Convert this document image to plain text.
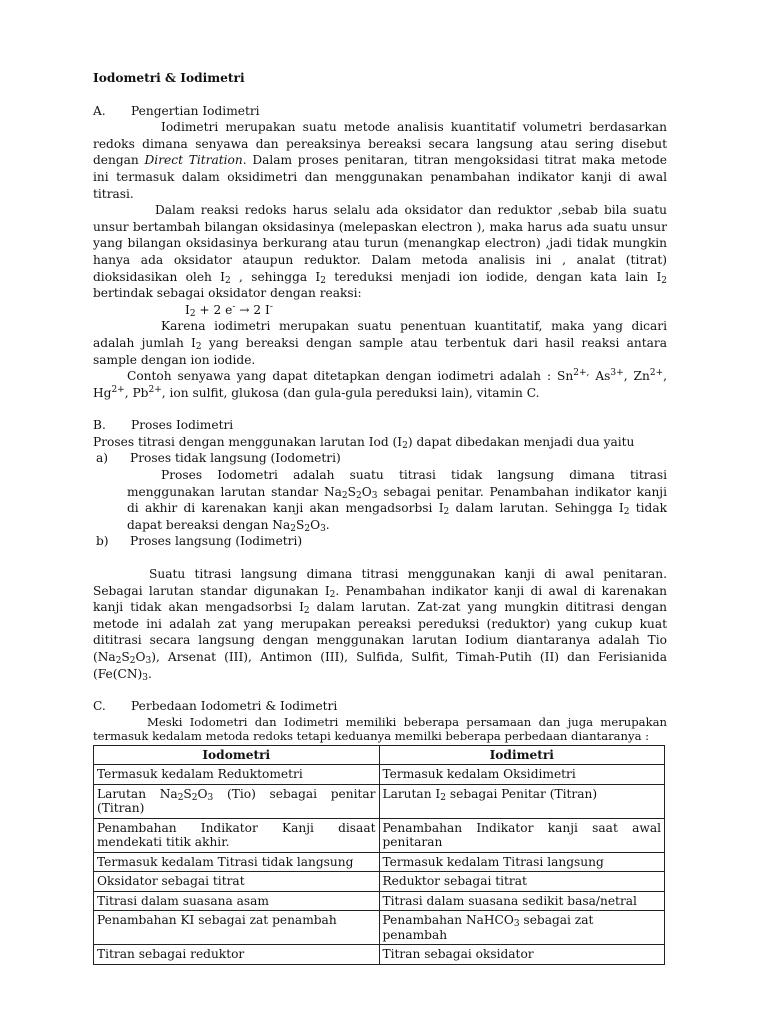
Iodometri & Iodimetri

A. Pengertian Iodimetri

Iodimetri merupakan suatu metode analisis kuantitatif volumetri berdasarkan redoks dimana senyawa dan pereaksinya bereaksi secara langsung atau sering disebut dengan Direct Titration. Dalam proses penitaran, titran mengoksidasi titrat maka metode ini termasuk dalam oksidimetri dan menggunakan penambahan indikator kanji di awal titrasi.

Dalam reaksi redoks harus selalu ada oksidator dan reduktor ,sebab bila suatu unsur bertambah bilangan oksidasinya (melepaskan electron ), maka harus ada suatu unsur yang bilangan oksidasinya berkurang atau turun (menangkap electron) ,jadi tidak mungkin hanya ada oksidator ataupun reduktor. Dalam metoda analisis ini , analat (titrat) dioksidasikan oleh $I_2$ , sehingga $I_2$ tereduksi menjadi ion iodide, dengan kata lain $I_2$ bertindak sebagai oksidator dengan reaksi:

$I_2 + 2$ e- → 2 I-

Karena iodimetri merupakan suatu penentuan kuantitatif, maka yang dicari adalah jumlah $I_2$ yang bereaksi dengan sample atau terbentuk dari hasil reaksi antara sample dengan ion iodide.

Contoh senyawa yang dapat ditetapkan dengan iodimetri adalah : $Sn^{2+,}$ $As^{3+}$, $Zn^{2+}$, $Hg^{2+}$, $Pb^{2+}$, ion sulfit, glukosa (dan gula-gula pereduksi lain), vitamin C.

B. Proses Iodimetri

Proses titrasi dengan menggunakan larutan Iod $(I_2)$ dapat dibedakan menjadi dua yaitu

a)	Proses tidak langsung (Iodometri)

Proses Iodometri adalah suatu titrasi tidak langsung dimana titrasi menggunakan larutan standar $Na_2S_2O_3$ sebagai penitar. Penambahan indikator kanji di akhir di karenakan kanji akan mengadsorbsi $I_2$ dalam larutan. Sehingga $I_2$ tidak dapat bereaksi dengan $Na_2S_2O_3$.

b)	Proses langsung (Iodimetri)

Suatu titrasi langsung dimana titrasi menggunakan kanji di awal penitaran. Sebagai larutan standar digunakan $I_2$. Penambahan indikator kanji di awal di karenakan kanji tidak akan mengadsorbsi $I_2$ dalam larutan. Zat-zat yang mungkin dititrasi dengan metode ini adalah zat yang merupakan pereaksi pereduksi (reduktor) yang cukup kuat dititrasi secara langsung dengan menggunakan larutan Iodium diantaranya adalah Tio $(Na_2S_2O_3)$, Arsenat (III), Antimon (III), Sulfida, Sulfit, Timah-Putih (II) dan Ferisianida ($Fe(CN)_3$.

C. Perbedaan Iodometri & Iodimetri

Meski Iodometri dan Iodimetri memiliki beberapa persamaan dan juga merupakan termasuk kedalam metoda redoks tetapi keduanya memilki beberapa perbedaan diantaranya :

Iodometri	Iodimetri
Termasuk kedalam Reduktometri	Termasuk kedalam Oksidimetri
Larutan $Na_2S_2O_3$ (Tio) sebagai penitar (Titran)	Larutan $I_2$ sebagai Penitar (Titran)
Penambahan Indikator Kanji disaat mendekati titik akhir.	Penambahan Indikator kanji saat awal penitaran
Termasuk kedalam Titrasi tidak langsung	Termasuk kedalam Titrasi langsung
Oksidator sebagai titrat	Reduktor sebagai titrat
Titrasi dalam suasana asam	Titrasi dalam suasana sedikit basa/netral
Penambahan KI sebagai zat penambah	Penambahan NaHCO$_3$ sebagai zat penambah
Titran sebagai reduktor	Titran sebagai oksidator
